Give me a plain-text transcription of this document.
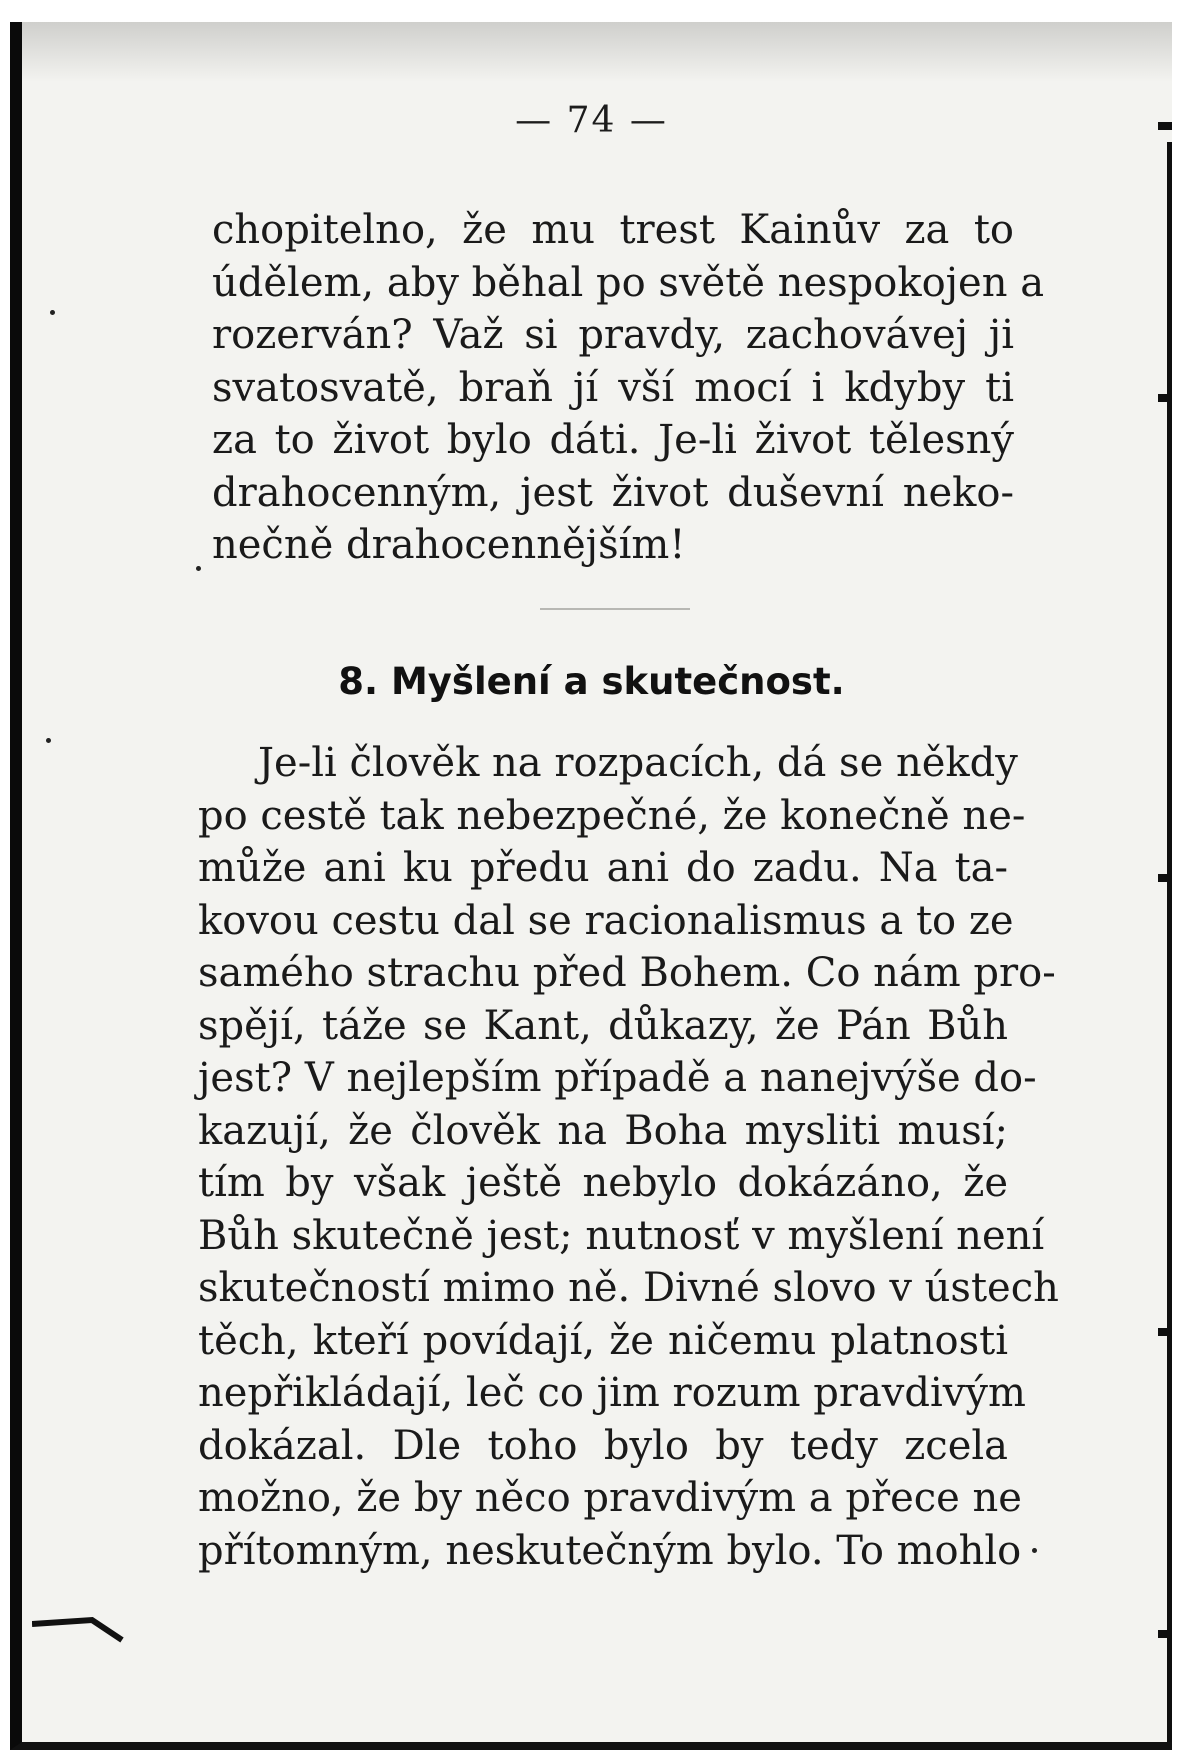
— 74 —
chopitelno, že mu trest Kainův za to
údělem, aby běhal po světě nespokojen a
rozerván? Važ si pravdy, zachovávej ji
svatosvatě, braň jí vší mocí i kdyby ti
za to život bylo dáti. Je-li život tělesný
drahocenným, jest život duševní neko-
nečně drahocennějším!
8. Myšlení a skutečnost.
Je-li člověk na rozpacích, dá se někdy
po cestě tak nebezpečné, že konečně ne-
může ani ku předu ani do zadu. Na ta-
kovou cestu dal se racionalismus a to ze
samého strachu před Bohem. Co nám pro-
spějí, táže se Kant, důkazy, že Pán Bůh
jest? V nejlepším případě a nanejvýše do-
kazují, že člověk na Boha mysliti musí;
tím by však ještě nebylo dokázáno, že
Bůh skutečně jest; nutnosť v myšlení není
skutečností mimo ně. Divné slovo v ústech
těch, kteří povídají, že ničemu platnosti
nepřikládají, leč co jim rozum pravdivým
dokázal. Dle toho bylo by tedy zcela
možno, že by něco pravdivým a přece ne
přítomným, neskutečným bylo. To mohlo
